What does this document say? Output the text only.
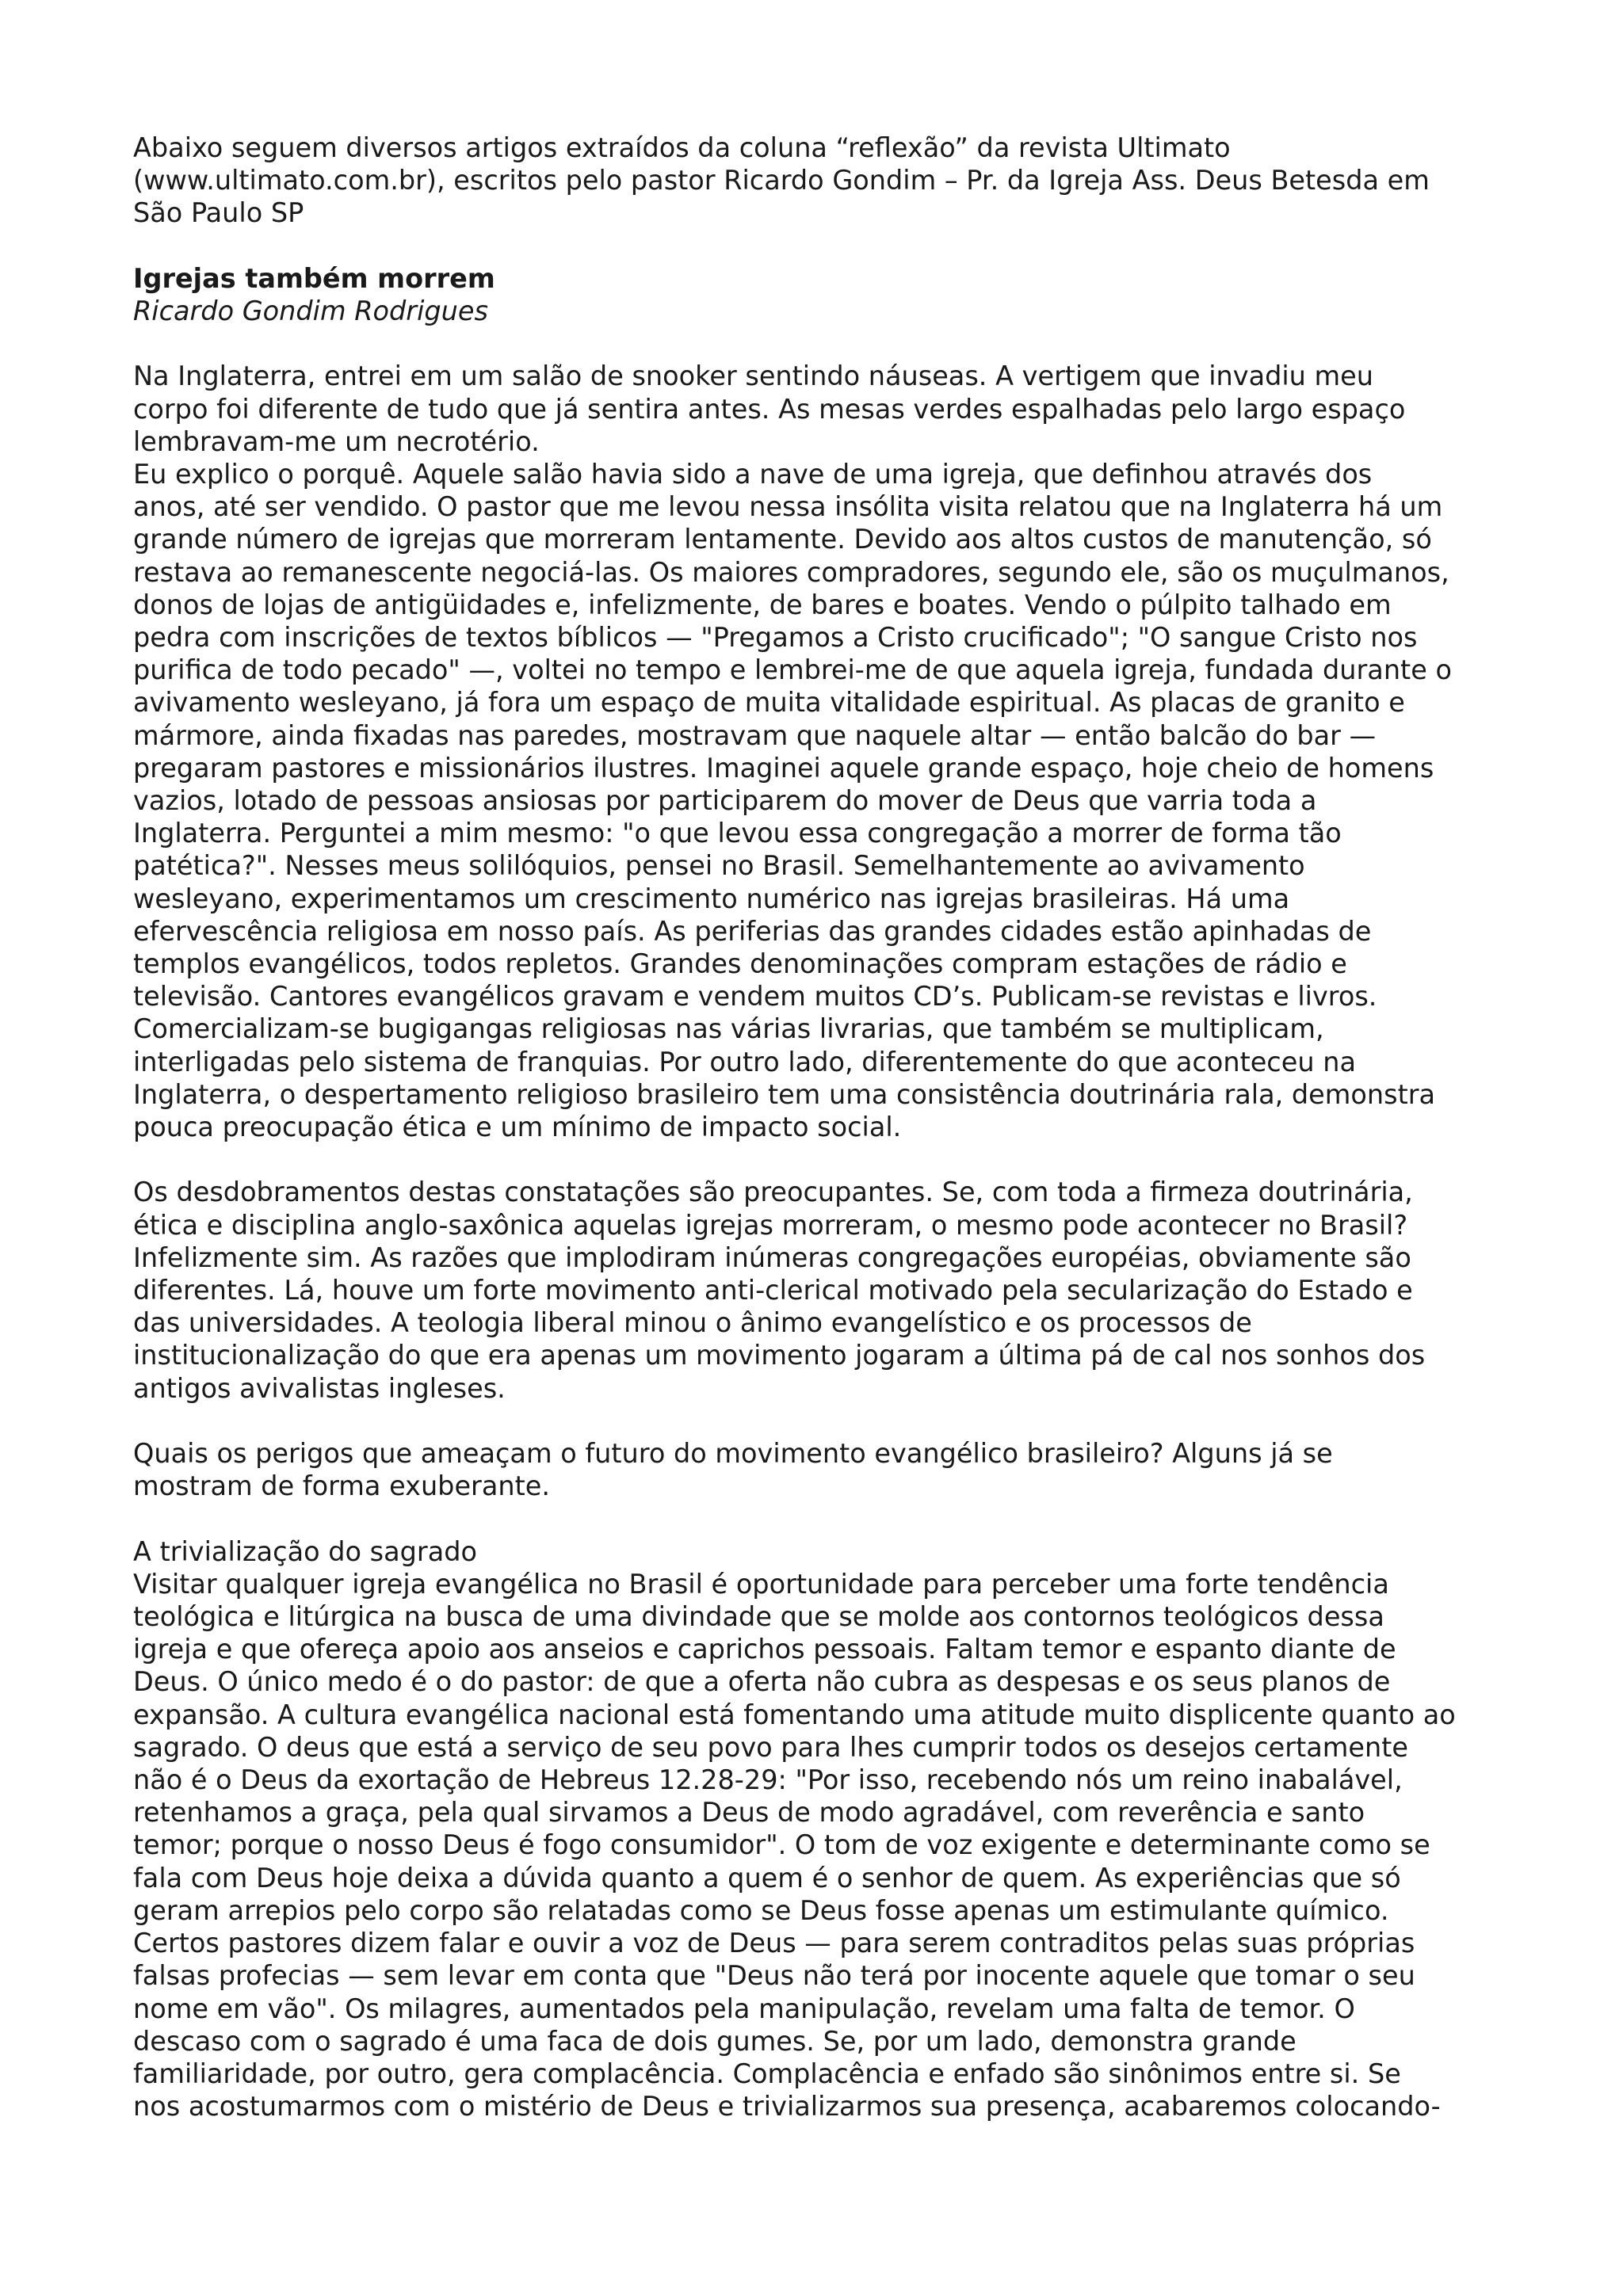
Abaixo seguem diversos artigos extraídos da coluna “reflexão” da revista Ultimato
(www.ultimato.com.br), escritos pelo pastor Ricardo Gondim – Pr. da Igreja Ass. Deus Betesda em
São Paulo SP

Igrejas também morrem

Ricardo Gondim Rodrigues

Na Inglaterra, entrei em um salão de snooker sentindo náuseas. A vertigem que invadiu meu
corpo foi diferente de tudo que já sentira antes. As mesas verdes espalhadas pelo largo espaço
lembravam-me um necrotério.

Eu explico o porquê. Aquele salão havia sido a nave de uma igreja, que definhou através dos
anos, até ser vendido. O pastor que me levou nessa insólita visita relatou que na Inglaterra há um
grande número de igrejas que morreram lentamente. Devido aos altos custos de manutenção, só
restava ao remanescente negociá-las. Os maiores compradores, segundo ele, são os muçulmanos,
donos de lojas de antigüidades e, infelizmente, de bares e boates. Vendo o púlpito talhado em
pedra com inscrições de textos bíblicos — "Pregamos a Cristo crucificado"; "O sangue Cristo nos
purifica de todo pecado" —, voltei no tempo e lembrei-me de que aquela igreja, fundada durante o
avivamento wesleyano, já fora um espaço de muita vitalidade espiritual. As placas de granito e
mármore, ainda fixadas nas paredes, mostravam que naquele altar — então balcão do bar —
pregaram pastores e missionários ilustres. Imaginei aquele grande espaço, hoje cheio de homens
vazios, lotado de pessoas ansiosas por participarem do mover de Deus que varria toda a
Inglaterra. Perguntei a mim mesmo: "o que levou essa congregação a morrer de forma tão
patética?". Nesses meus solilóquios, pensei no Brasil. Semelhantemente ao avivamento
wesleyano, experimentamos um crescimento numérico nas igrejas brasileiras. Há uma
efervescência religiosa em nosso país. As periferias das grandes cidades estão apinhadas de
templos evangélicos, todos repletos. Grandes denominações compram estações de rádio e
televisão. Cantores evangélicos gravam e vendem muitos CD’s. Publicam-se revistas e livros.
Comercializam-se bugigangas religiosas nas várias livrarias, que também se multiplicam,
interligadas pelo sistema de franquias. Por outro lado, diferentemente do que aconteceu na
Inglaterra, o despertamento religioso brasileiro tem uma consistência doutrinária rala, demonstra
pouca preocupação ética e um mínimo de impacto social.

Os desdobramentos destas constatações são preocupantes. Se, com toda a firmeza doutrinária,
ética e disciplina anglo-saxônica aquelas igrejas morreram, o mesmo pode acontecer no Brasil?
Infelizmente sim. As razões que implodiram inúmeras congregações européias, obviamente são
diferentes. Lá, houve um forte movimento anti-clerical motivado pela secularização do Estado e
das universidades. A teologia liberal minou o ânimo evangelístico e os processos de
institucionalização do que era apenas um movimento jogaram a última pá de cal nos sonhos dos
antigos avivalistas ingleses.

Quais os perigos que ameaçam o futuro do movimento evangélico brasileiro? Alguns já se
mostram de forma exuberante.

A trivialização do sagrado

Visitar qualquer igreja evangélica no Brasil é oportunidade para perceber uma forte tendência
teológica e litúrgica na busca de uma divindade que se molde aos contornos teológicos dessa
igreja e que ofereça apoio aos anseios e caprichos pessoais. Faltam temor e espanto diante de
Deus. O único medo é o do pastor: de que a oferta não cubra as despesas e os seus planos de
expansão. A cultura evangélica nacional está fomentando uma atitude muito displicente quanto ao
sagrado. O deus que está a serviço de seu povo para lhes cumprir todos os desejos certamente
não é o Deus da exortação de Hebreus 12.28-29: "Por isso, recebendo nós um reino inabalável,
retenhamos a graça, pela qual sirvamos a Deus de modo agradável, com reverência e santo
temor; porque o nosso Deus é fogo consumidor". O tom de voz exigente e determinante como se
fala com Deus hoje deixa a dúvida quanto a quem é o senhor de quem. As experiências que só
geram arrepios pelo corpo são relatadas como se Deus fosse apenas um estimulante químico.
Certos pastores dizem falar e ouvir a voz de Deus — para serem contraditos pelas suas próprias
falsas profecias — sem levar em conta que "Deus não terá por inocente aquele que tomar o seu
nome em vão". Os milagres, aumentados pela manipulação, revelam uma falta de temor. O
descaso com o sagrado é uma faca de dois gumes. Se, por um lado, demonstra grande
familiaridade, por outro, gera complacência. Complacência e enfado são sinônimos entre si. Se
nos acostumarmos com o mistério de Deus e trivializarmos sua presença, acabaremos colocando-
